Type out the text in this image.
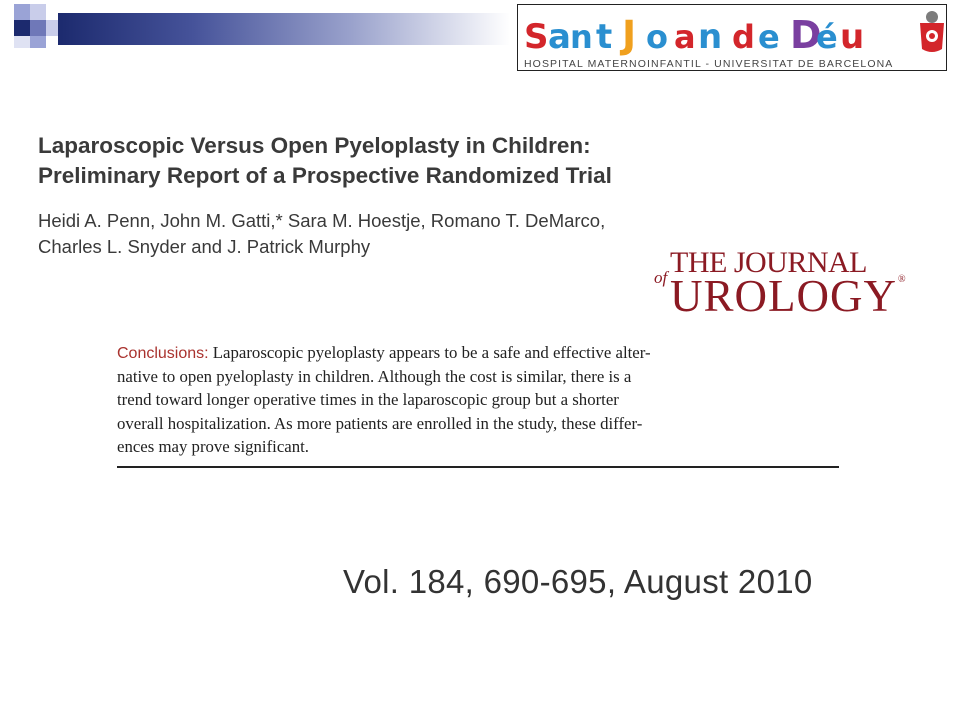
S a n t J o a n d e D
é u
HOSPITAL MATERNOINFANTIL - UNIVERSITAT DE BARCELONA
Laparoscopic Versus Open Pyeloplasty in Children:
Preliminary Report of a Prospective Randomized Trial
Heidi A. Penn, John M. Gatti,* Sara M. Hoestje, Romano T. DeMarco,
Charles L. Snyder and J. Patrick Murphy
of THE JOURNAL
UROLOGY®
Conclusions: Laparoscopic pyeloplasty appears to be a safe and effective alter-
native to open pyeloplasty in children. Although the cost is similar, there is a
trend toward longer operative times in the laparoscopic group but a shorter
overall hospitalization. As more patients are enrolled in the study, these differ-
ences may prove significant.
Vol. 184, 690-695, August 2010
